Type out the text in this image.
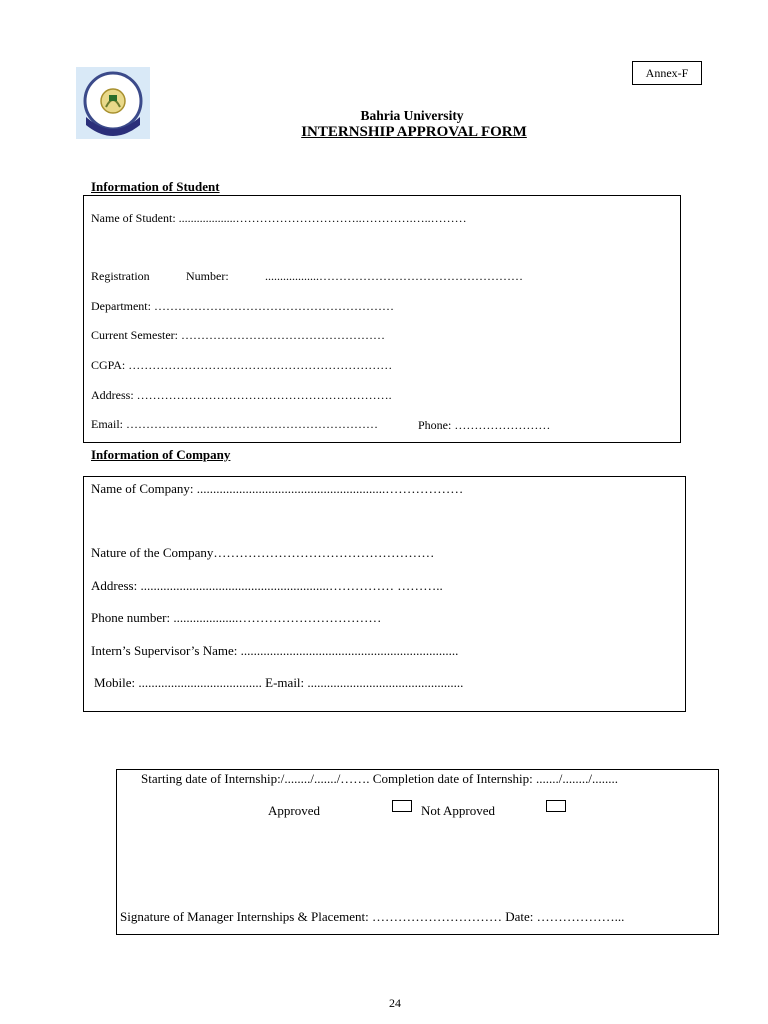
Annex-F
Bahria University
INTERNSHIP APPROVAL FORM
Information of Student
Name of Student: ...................…………………………..………….…..………
Registration	Number:	..................……………………………………………
Department: ……………………………………………………
Current Semester: ……………………………………………
CGPA: …………………………………………………………
Address: ……………………………………………………….
Email: ………………………………………………………	Phone: ……………………
Information of Company
Name of Company: ..........................................................………………
Nature of the Company……………………………………………
Address: ..........................................................…………… ………..
Phone number: ....................……………………………
Intern’s Supervisor’s Name: ...................................................................
Mobile: ...................................... E-mail: ................................................
Starting date of Internship:/......../......./……. Completion date of Internship: ......./......../........
Approved	Not Approved
Signature of Manager Internships & Placement: ………………………… Date: ………………...
24
